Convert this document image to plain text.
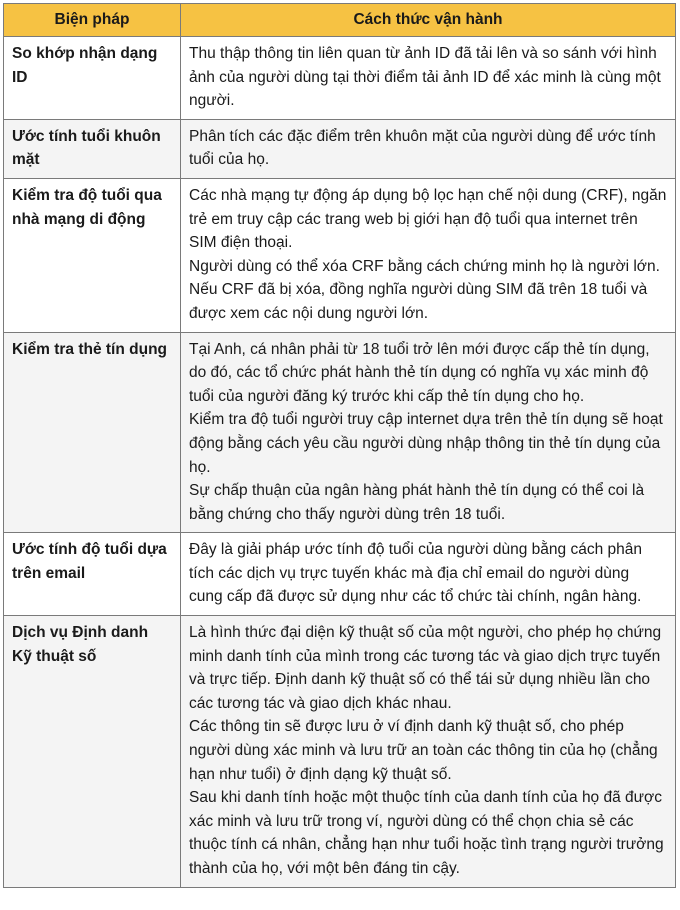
Biện pháp	Cách thức vận hành
So khớp nhận dạng ID	Thu thập thông tin liên quan từ ảnh ID đã tải lên và so sánh với hình ảnh của người dùng tại thời điểm tải ảnh ID để xác minh là cùng một người.

Ước tính tuổi khuôn mặt	Phân tích các đặc điểm trên khuôn mặt của người dùng để ước tính tuổi của họ.

Kiểm tra độ tuổi qua nhà mạng di động	Các nhà mạng tự động áp dụng bộ lọc hạn chế nội dung (CRF), ngăn trẻ em truy cập các trang web bị giới hạn độ tuổi qua internet trên SIM điện thoại.
Người dùng có thể xóa CRF bằng cách chứng minh họ là người lớn. Nếu CRF đã bị xóa, đồng nghĩa người dùng SIM đã trên 18 tuổi và được xem các nội dung người lớn.

Kiểm tra thẻ tín dụng	Tại Anh, cá nhân phải từ 18 tuổi trở lên mới được cấp thẻ tín dụng, do đó, các tổ chức phát hành thẻ tín dụng có nghĩa vụ xác minh độ tuổi của người đăng ký trước khi cấp thẻ tín dụng cho họ.
Kiểm tra độ tuổi người truy cập internet dựa trên thẻ tín dụng sẽ hoạt động bằng cách yêu cầu người dùng nhập thông tin thẻ tín dụng của họ.
Sự chấp thuận của ngân hàng phát hành thẻ tín dụng có thể coi là bằng chứng cho thấy người dùng trên 18 tuổi.

Ước tính độ tuổi dựa trên email	Đây là giải pháp ước tính độ tuổi của người dùng bằng cách phân tích các dịch vụ trực tuyến khác mà địa chỉ email do người dùng cung cấp đã được sử dụng như các tổ chức tài chính, ngân hàng.

Dịch vụ Định danh Kỹ thuật số	Là hình thức đại diện kỹ thuật số của một người, cho phép họ chứng minh danh tính của mình trong các tương tác và giao dịch trực tuyến và trực tiếp. Định danh kỹ thuật số có thể tái sử dụng nhiều lần cho các tương tác và giao dịch khác nhau.
Các thông tin sẽ được lưu ở ví định danh kỹ thuật số, cho phép người dùng xác minh và lưu trữ an toàn các thông tin của họ (chẳng hạn như tuổi) ở định dạng kỹ thuật số.
Sau khi danh tính hoặc một thuộc tính của danh tính của họ đã được xác minh và lưu trữ trong ví, người dùng có thể chọn chia sẻ các thuộc tính cá nhân, chẳng hạn như tuổi hoặc tình trạng người trưởng thành của họ, với một bên đáng tin cậy.
